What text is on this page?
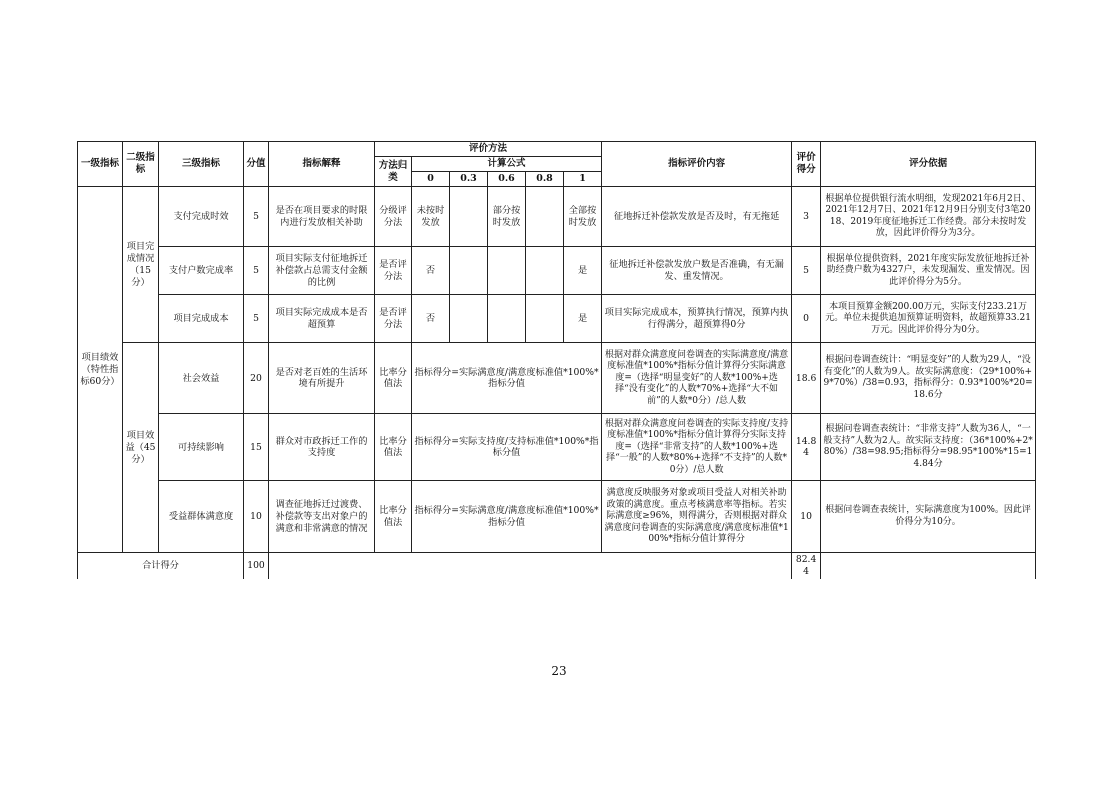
一级指标	二级指标	三级指标	分值	指标解释	评价方法						指标评价内容	评价得分	评分依据
					方法归类	计算公式							
						0	0.3	0.6	0.8	1			
项目绩效（特性指标60分）	项目完成情况（15分）	支付完成时效	5	是否在项目要求的时限内进行发放相关补助	分级评分法	未按时发放		部分按时发放		全部按时发放	征地拆迁补偿款发放是否及时，有无拖延	3	根据单位提供银行流水明细，发现2021年6月2日、2021年12月7日、2021年12月9日分别支付3笔2018、2019年度征地拆迁工作经费。部分未按时发放，因此评价得分为3分。
		支付户数完成率	5	项目实际支付征地拆迁补偿款占总需支付金额的比例	是否评分法	否				是	征地拆迁补偿款发放户数是否准确，有无漏发、重发情况。	5	根据单位提供资料，2021年度实际发放征地拆迁补助经费户数为4327户，未发现漏发、重发情况。因此评价得分为5分。
		项目完成成本	5	项目实际完成成本是否超预算	是否评分法	否				是	项目实际完成成本，预算执行情况，预算内执行得满分，超预算得0分	0	本项目预算金额200.00万元，实际支付233.21万元。单位未提供追加预算证明资料，故超预算33.21万元。因此评价得分为0分。
	项目效益（45分）	社会效益	20	是否对老百姓的生活环境有所提升	比率分值法	指标得分=实际满意度/满意度标准值*100%*指标分值					根据对群众满意度问卷调查的实际满意度/满意度标准值*100%*指标分值计算得分实际满意度=（选择“明显变好”的人数*100%+选择“没有变化”的人数*70%+选择“大不如前”的人数*0分）/总人数	18.6	根据问卷调查统计：“明显变好”的人数为29人，“没有变化”的人数为9人。故实际满意度：（29*100%+9*70%）/38=0.93，指标得分：0.93*100%*20=18.6分
		可持续影响	15	群众对市政拆迁工作的支持度	比率分值法	指标得分=实际支持度/支持标准值*100%*指标分值					根据对群众满意度问卷调查的实际支持度/支持度标准值*100%*指标分值计算得分实际支持度=（选择“非常支持”的人数*100%+选择“一般”的人数*80%+选择“不支持”的人数*0分）/总人数	14.84	根据问卷调查表统计：“非常支持”人数为36人，“一般支持”人数为2人。故实际支持度：（36*100%+2*80%）/38=98.95;指标得分=98.95*100%*15=14.84分
		受益群体满意度	10	调查征地拆迁过渡费、补偿款等支出对象户的满意和非常满意的情况	比率分值法	指标得分=实际满意度/满意度标准值*100%*指标分值					满意度反映服务对象或项目受益人对相关补助政策的满意度。重点考核满意率等指标。若实际满意度≥96%，则得满分，否则根据对群众满意度问卷调查的实际满意度/满意度标准值*100%*指标分值计算得分	10	根据问卷调查表统计，实际满意度为100%。因此评价得分为10分。
合计得分			100									82.44	
23
